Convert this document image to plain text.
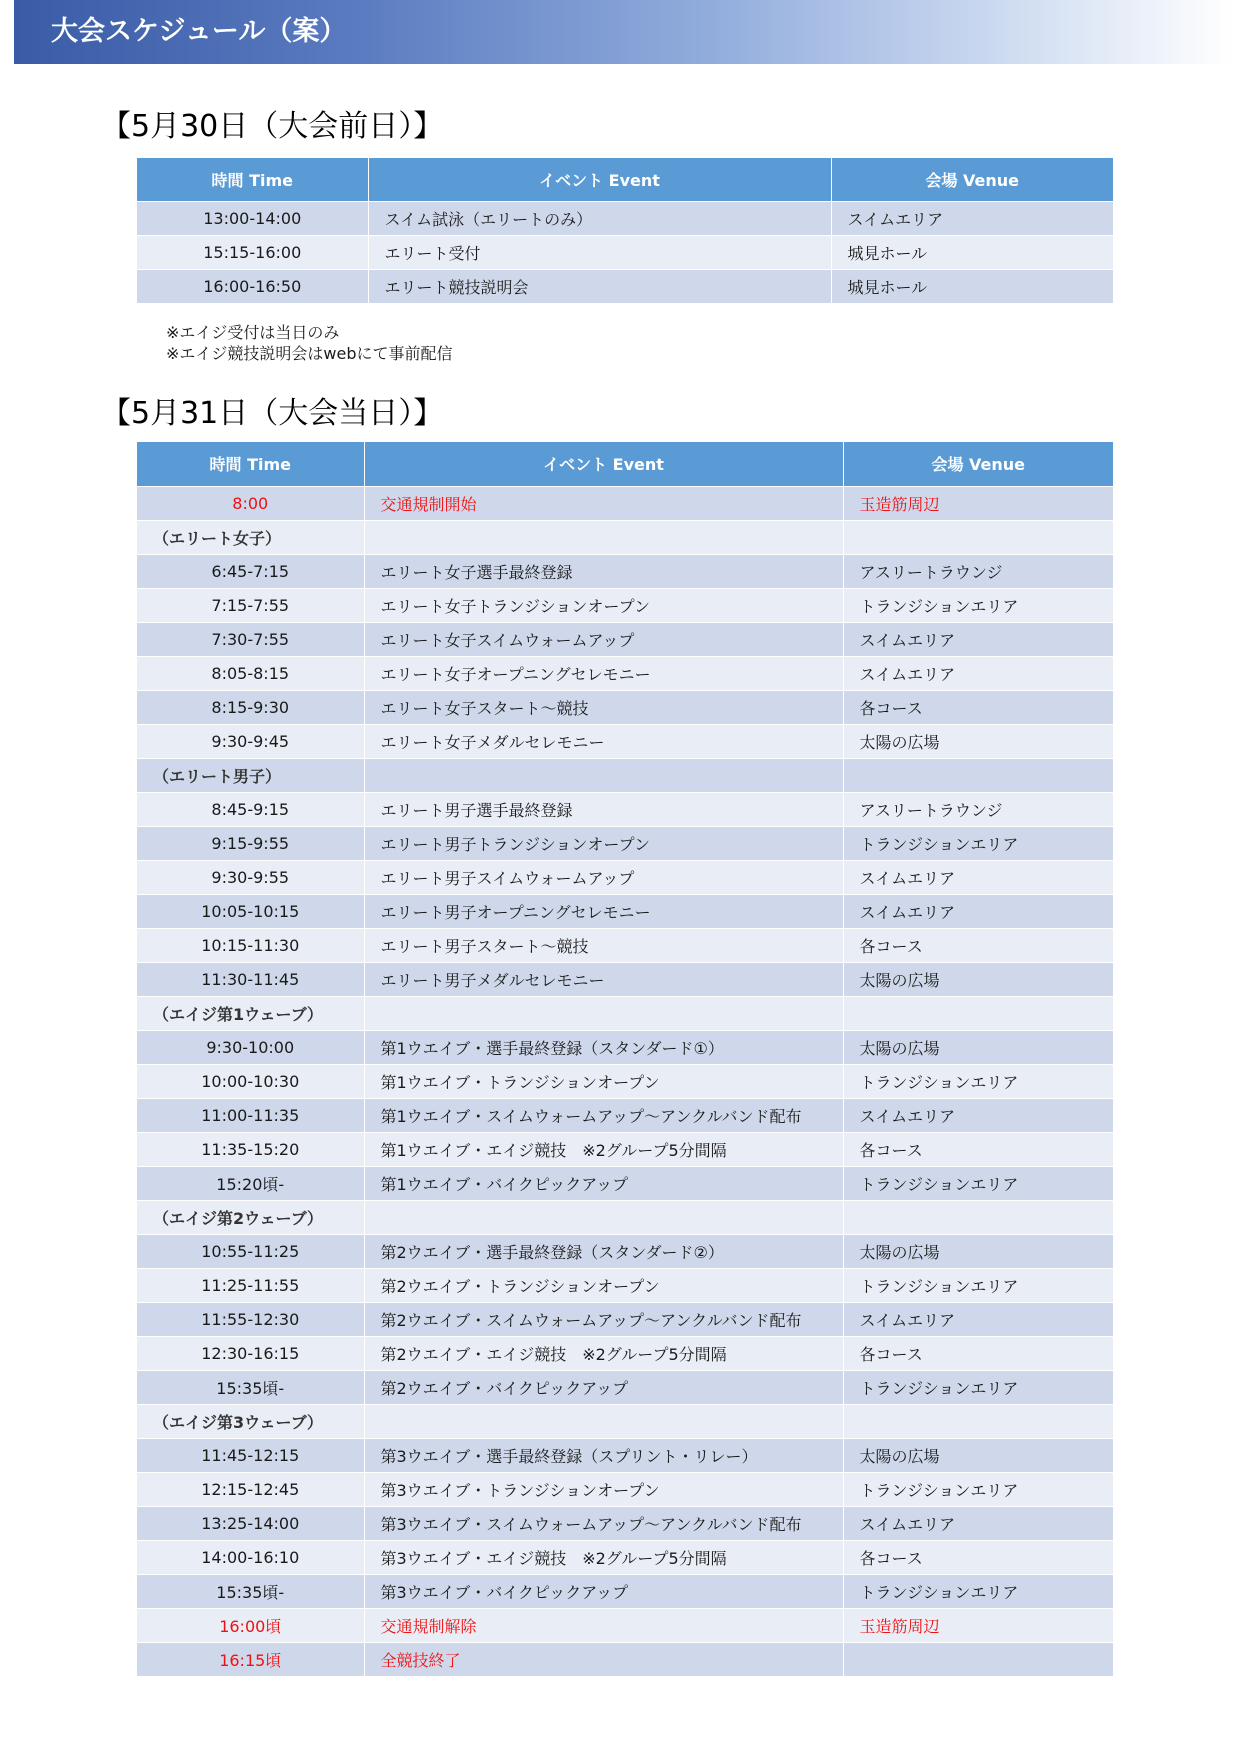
大会スケジュール（案）
【5月30日（大会前日）】
時間 Time	イベント Event	会場 Venue
13:00-14:00	スイム試泳（エリートのみ）	スイムエリア
15:15-16:00	エリート受付	城見ホール
16:00-16:50	エリート競技説明会	城見ホール
※エイジ受付は当日のみ
※エイジ競技説明会はwebにて事前配信
【5月31日（大会当日）】
時間 Time	イベント Event	会場 Venue
8:00	交通規制開始	玉造筋周辺
（エリート女子）		
6:45-7:15	エリート女子選手最終登録	アスリートラウンジ
7:15-7:55	エリート女子トランジションオープン	トランジションエリア
7:30-7:55	エリート女子スイムウォームアップ	スイムエリア
8:05-8:15	エリート女子オープニングセレモニー	スイムエリア
8:15-9:30	エリート女子スタート～競技	各コース
9:30-9:45	エリート女子メダルセレモニー	太陽の広場
（エリート男子）		
8:45-9:15	エリート男子選手最終登録	アスリートラウンジ
9:15-9:55	エリート男子トランジションオープン	トランジションエリア
9:30-9:55	エリート男子スイムウォームアップ	スイムエリア
10:05-10:15	エリート男子オープニングセレモニー	スイムエリア
10:15-11:30	エリート男子スタート～競技	各コース
11:30-11:45	エリート男子メダルセレモニー	太陽の広場
（エイジ第1ウェーブ）		
9:30-10:00	第1ウエイブ・選手最終登録（スタンダード①）	太陽の広場
10:00-10:30	第1ウエイブ・トランジションオープン	トランジションエリア
11:00-11:35	第1ウエイブ・スイムウォームアップ～アンクルバンド配布	スイムエリア
11:35-15:20	第1ウエイブ・エイジ競技　※2グループ5分間隔	各コース
15:20頃-	第1ウエイブ・バイクピックアップ	トランジションエリア
（エイジ第2ウェーブ）		
10:55-11:25	第2ウエイブ・選手最終登録（スタンダード②）	太陽の広場
11:25-11:55	第2ウエイブ・トランジションオープン	トランジションエリア
11:55-12:30	第2ウエイブ・スイムウォームアップ～アンクルバンド配布	スイムエリア
12:30-16:15	第2ウエイブ・エイジ競技　※2グループ5分間隔	各コース
15:35頃-	第2ウエイブ・バイクピックアップ	トランジションエリア
（エイジ第3ウェーブ）		
11:45-12:15	第3ウエイブ・選手最終登録（スプリント・リレー）	太陽の広場
12:15-12:45	第3ウエイブ・トランジションオープン	トランジションエリア
13:25-14:00	第3ウエイブ・スイムウォームアップ～アンクルバンド配布	スイムエリア
14:00-16:10	第3ウエイブ・エイジ競技　※2グループ5分間隔	各コース
15:35頃-	第3ウエイブ・バイクピックアップ	トランジションエリア
16:00頃	交通規制解除	玉造筋周辺
16:15頃	全競技終了	
